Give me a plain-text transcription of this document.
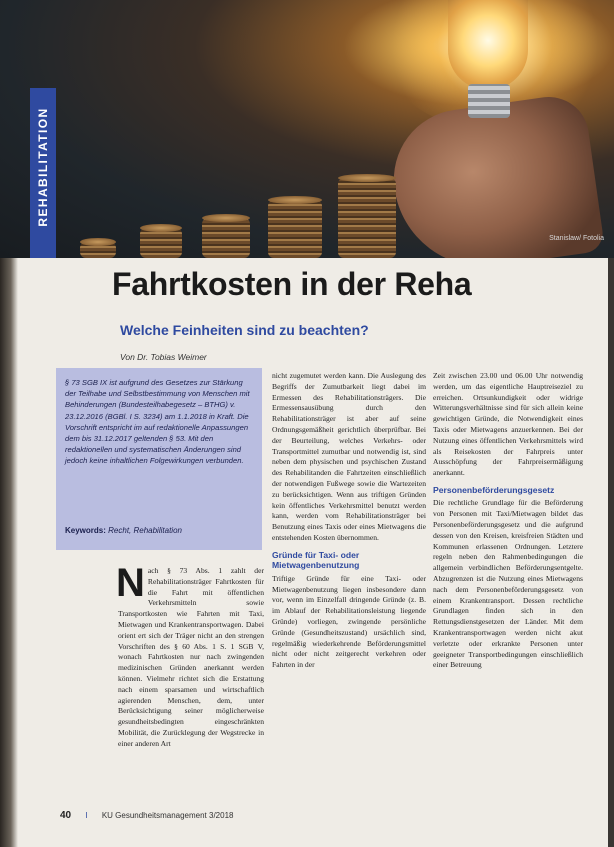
Stanislaw/ Fotolia
REHABILITATION
Fahrtkosten in der Reha
Welche Feinheiten sind zu beachten?
Von Dr. Tobias Weimer

§ 73 SGB IX ist aufgrund des Gesetzes zur Stärkung der Teilhabe und Selbstbestimmung von Menschen mit Behinderungen (Bundesteilhabegesetz – BTHG) v. 23.12.2016 (BGBl. I S. 3234) am 1.1.2018 in Kraft. Die Vorschrift entspricht im auf redaktionelle Anpassungen dem bis 31.12.2017 geltenden § 53. Mit den redaktionellen und systematischen Änderungen sind jedoch keine inhaltlichen Folgewirkungen verbunden.

Keywords: Recht, Rehabilitation
N ach § 73 Abs. 1 zahlt der Rehabilitationsträger Fahrtkosten für die Fahrt mit öffentlichen Verkehrsmitteln sowie Transportkosten wie Fahrten mit Taxi, Mietwagen und Krankentransportwagen. Dabei orient ert sich der Träger nicht an den strengen Vorschriften des § 60 Abs. 1 S. 1 SGB V, wonach Fahrtkosten nur nach zwingenden medizinischen Gründen anerkannt werden können. Vielmehr richtet sich die Erstattung nach einem sparsamen und wirtschaftlich agierenden Menschen, dem, unter Berücksichtigung seiner möglicherweise gesundheitsbedingten eingeschränkten Mobilität, die Zurücklegung der Wegstrecke in einer anderen Art

nicht zugemutet werden kann. Die Auslegung des Begriffs der Zumutbarkeit liegt dabei im Ermessen des Rehabilitationsträgers. Die Ermessensausübung durch den Rehabilitationsträger ist aber auf seine Ordnungsgemäßheit gerichtlich überprüfbar. Bei der Beurteilung, welches Verkehrs- oder Transportmittel zumutbar und notwendig ist, sind neben dem physischen und psychischen Zustand des Rehabilitanden die Fahrtzeiten einschließlich der notwendigen Fußwege sowie die Wartezeiten zu berücksichtigen. Wenn aus triftigen Gründen kein öffentliches Verkehrsmittel benutzt werden kann, werden vom Rehabilitationsträger bei Benutzung eines Taxis oder eines Mietwagens die entstehenden Kosten übernommen.

Gründe für Taxi- oder Mietwagenbenutzung

Triftige Gründe für eine Taxi- oder Mietwagenbenutzung liegen insbesondere dann vor, wenn im Einzelfall dringende Gründe (z. B. im Ablauf der Rehabilitationsleistung liegende Gründe) vorliegen, zwingende persönliche Gründe (Gesundheitszustand) ursächlich sind, regelmäßig wiederkehrende Beförderungsmittel nicht oder nicht zeitgerecht verkehren oder Fahrten in der

Zeit zwischen 23.00 und 06.00 Uhr notwendig werden, um das eigentliche Hauptreiseziel zu erreichen. Ortsunkundigkeit oder widrige Witterungsverhältnisse sind für sich allein keine gewichtigen Gründe, die Notwendigkeit eines Taxis oder Mietwagens anzuerkennen. Bei der Nutzung eines öffentlichen Verkehrsmittels wird als Reisekosten der Fahrpreis unter Ausschöpfung der Fahrpreisermäßigung anerkannt.

Personenbeförderungsgesetz

Die rechtliche Grundlage für die Beförderung von Personen mit Taxi/Mietwagen bildet das Personenbeförderungsgesetz und die aufgrund dessen von den Kreisen, kreisfreien Städten und Kommunen erlassenen Ordnungen. Letztere regeln neben den Rahmenbedingungen die allgemein verbindlichen Beförderungsentgelte. Abzugrenzen ist die Nutzung eines Mietwagens nach dem Personenbeförderungsgesetz von einem Krankentransport. Dessen rechtliche Grundlagen finden sich in den Rettungsdienstgesetzen der Länder. Mit dem Krankentransportwagen werden nicht akut verletzte oder erkrankte Personen unter geeigneter Transportbedingungen einschließlich einer Betreuung

40 I KU Gesundheitsmanagement 3/2018
